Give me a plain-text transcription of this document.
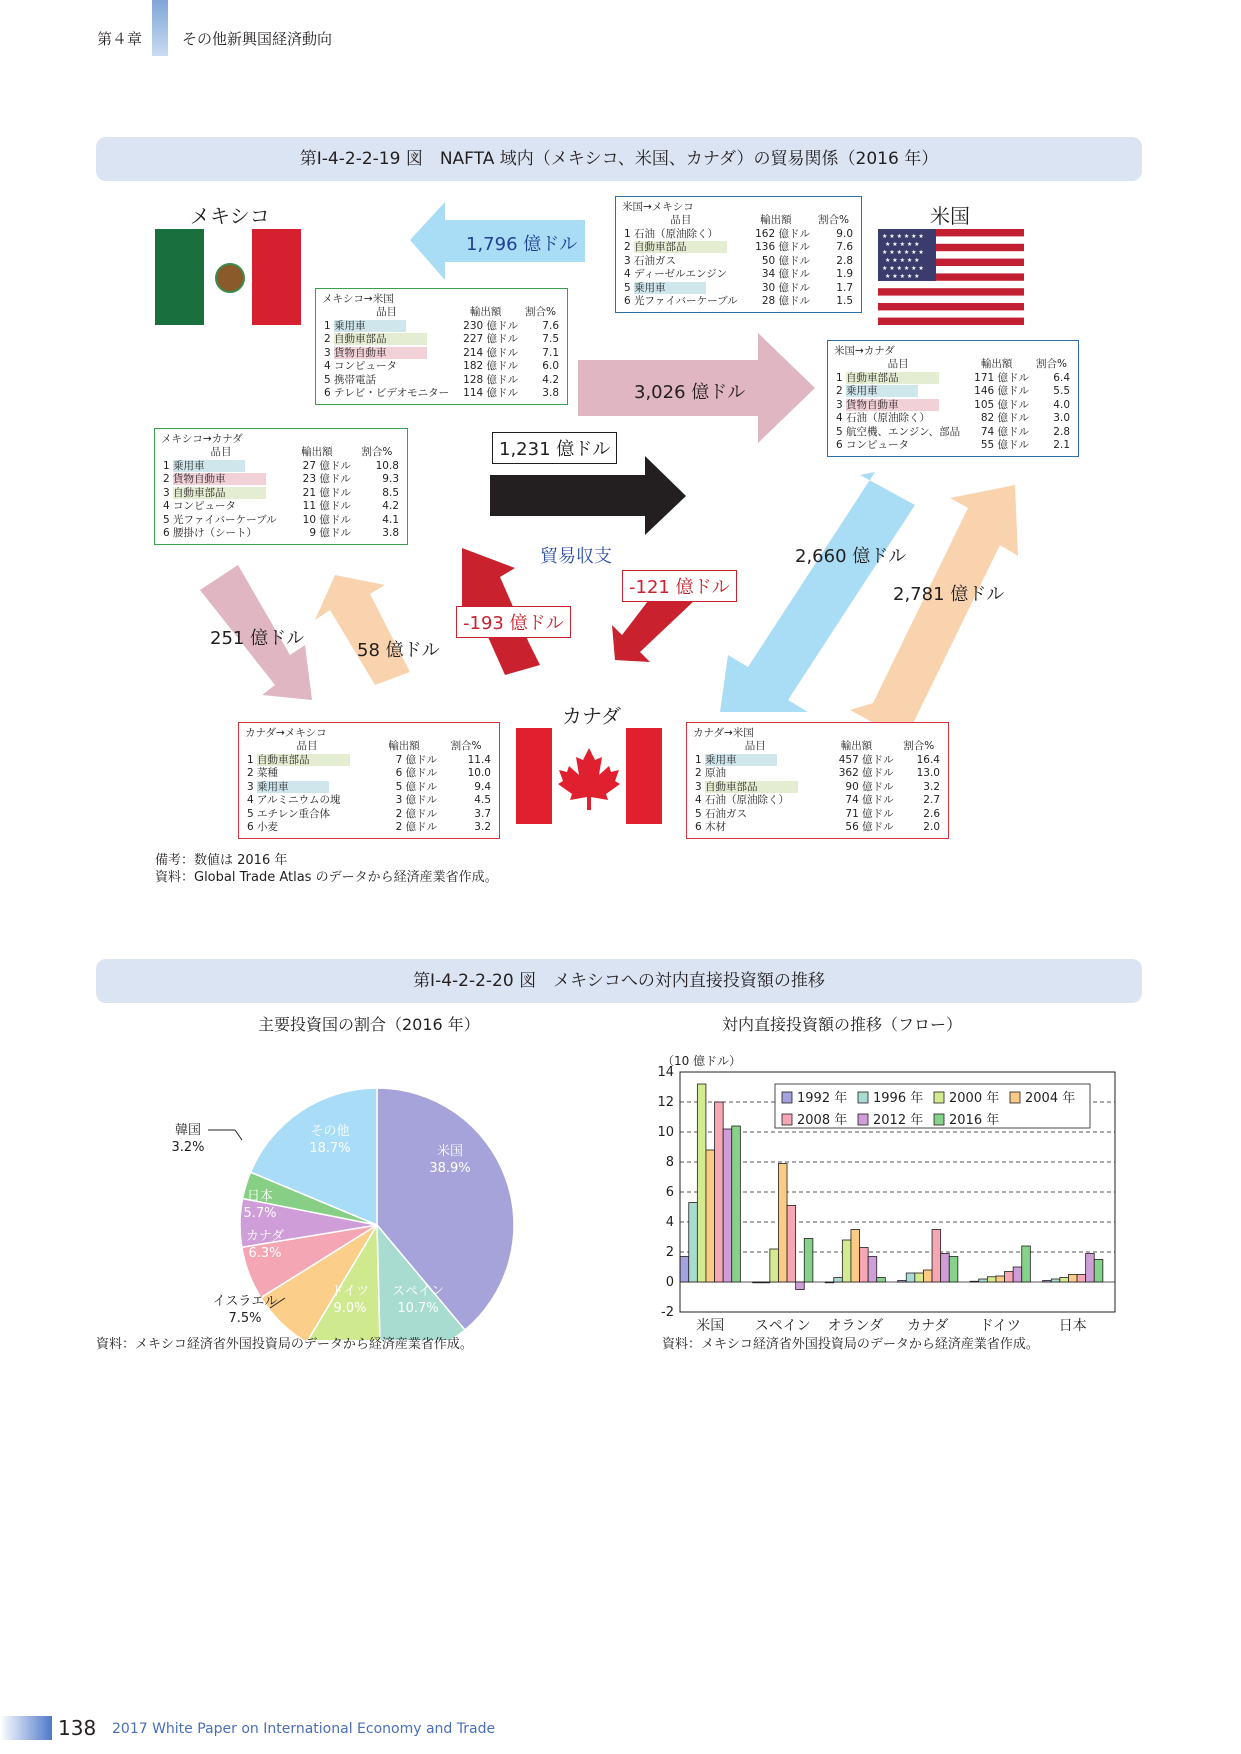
第４章	その他新興国経済動向
第Ⅰ-4-2-2-19 図　NAFTA 域内（メキシコ、米国、カナダ）の貿易関係（2016 年）
メキシコ	米国
★ ★ ★ ★ ★ ★
★ ★ ★ ★ ★
★ ★ ★ ★ ★ ★
★ ★ ★ ★ ★
★ ★ ★ ★ ★ ★
★ ★ ★ ★ ★
カナダ
1,796 億ドル
3,026 億ドル
1,231 億ドル
貿易収支
-121 億ドル
-193 億ドル
2,660 億ドル
2,781 億ドル
251 億ドル
58 億ドル
米国→メキシコ
品目	輸出額	割合%
1 石油（原油除く）	162 億ドル	9.0
2 自動車部品	136 億ドル	7.6
3 石油ガス	50 億ドル	2.8
4 ディーゼルエンジン	34 億ドル	1.9
5 乗用車	30 億ドル	1.7
6 光ファイバーケーブル	28 億ドル	1.5
メキシコ→米国
品目	輸出額	割合%
1 乗用車	230 億ドル	7.6
2 自動車部品	227 億ドル	7.5
3 貨物自動車	214 億ドル	7.1
4 コンピュータ	182 億ドル	6.0
5 携帯電話	128 億ドル	4.2
6 テレビ・ビデオモニター	114 億ドル	3.8
米国→カナダ
品目	輸出額	割合%
1 自動車部品	171 億ドル	6.4
2 乗用車	146 億ドル	5.5
3 貨物自動車	105 億ドル	4.0
4 石油（原油除く）	82 億ドル	3.0
5 航空機、エンジン、部品	74 億ドル	2.8
6 コンピュータ	55 億ドル	2.1
メキシコ→カナダ
品目	輸出額	割合%
1 乗用車	27 億ドル	10.8
2 貨物自動車	23 億ドル	9.3
3 自動車部品	21 億ドル	8.5
4 コンピュータ	11 億ドル	4.2
5 光ファイバーケーブル	10 億ドル	4.1
6 腰掛け（シート）	9 億ドル	3.8
カナダ→メキシコ
品目	輸出額	割合%
1 自動車部品	7 億ドル	11.4
2 菜種	6 億ドル	10.0
3 乗用車	5 億ドル	9.4
4 アルミニウムの塊	3 億ドル	4.5
5 エチレン重合体	2 億ドル	3.7
6 小麦	2 億ドル	3.2
カナダ→米国
品目	輸出額	割合%
1 乗用車	457 億ドル	16.4
2 原油	362 億ドル	13.0
3 自動車部品	90 億ドル	3.2
4 石油（原油除く）	74 億ドル	2.7
5 石油ガス	71 億ドル	2.6
6 木材	56 億ドル	2.0
備考：数値は 2016 年
資料：Global Trade Atlas のデータから経済産業省作成。
第Ⅰ-4-2-2-20 図　メキシコへの対内直接投資額の推移
主要投資国の割合（2016 年）	対内直接投資額の推移（フロー）
米国
38.9%
スペイン
10.7%
ドイツ
9.0%
カナダ
6.3%
日本
5.7%
その他
18.7%
イスラエル
7.5%
韓国
3.2%
（10 億ドル）
-2
0
2
4
6
8
10
12
14
米国 スペイン オランダ カナダ ドイツ	日本
1992 年 1996 年 2000 年 2004 年
2008 年 2012 年 2016 年
資料：メキシコ経済省外国投資局のデータから経済産業省作成。	資料：メキシコ経済省外国投資局のデータから経済産業省作成。
138 2017 White Paper on International Economy and Trade
